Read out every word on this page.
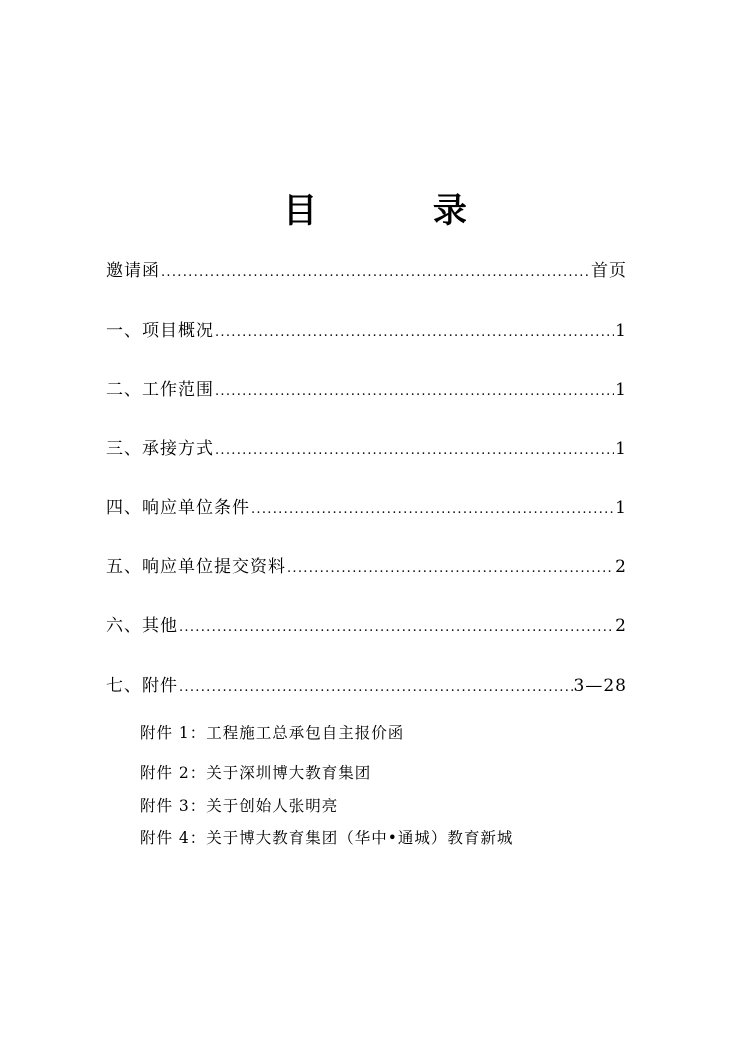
目 录
邀请函 .....	首页
一、项目概况 .....	1
二、工作范围 .....	1
三、承接方式 .....	1
四、响应单位条件 .....	1
五、响应单位提交资料 .....	2
六、其他 .....	2
七、附件 .....	3—28
附件 1：工程施工总承包自主报价函
附件 2：关于深圳博大教育集团
附件 3：关于创始人张明亮
附件 4：关于博大教育集团（华中•通城）教育新城
